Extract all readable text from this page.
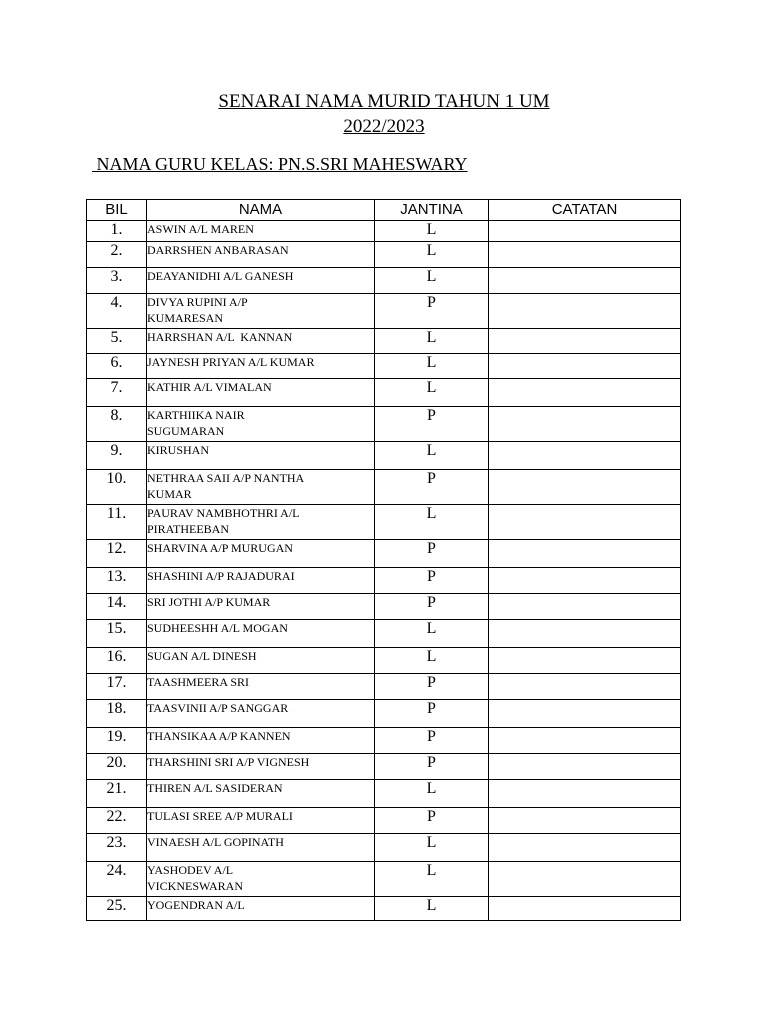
SENARAI NAMA MURID TAHUN 1 UM
2022/2023
NAMA GURU KELAS: PN.S.SRI MAHESWARY
BIL	NAMA	JANTINA	CATATAN
1.	ASWIN A/L MAREN	L	
2.	DARRSHEN ANBARASAN	L	
3.	DEAYANIDHI A/L GANESH	L	
4.	DIVYA RUPINI A/P
KUMARESAN	P	
5.	HARRSHAN A/L  KANNAN	L	
6.	JAYNESH PRIYAN A/L KUMAR	L	
7.	KATHIR A/L VIMALAN	L	
8.	KARTHIIKA NAIR
SUGUMARAN	P	
9.	KIRUSHAN	L	
10.	NETHRAA SAII A/P NANTHA
KUMAR	P	
11.	PAURAV NAMBHOTHRI A/L
PIRATHEEBAN	L	
12.	SHARVINA A/P MURUGAN	P	
13.	SHASHINI A/P RAJADURAI	P	
14.	SRI JOTHI A/P KUMAR	P	
15.	SUDHEESHH A/L MOGAN	L	
16.	SUGAN A/L DINESH	L	
17.	TAASHMEERA SRI	P	
18.	TAASVINII A/P SANGGAR	P	
19.	THANSIKAA A/P KANNEN	P	
20.	THARSHINI SRI A/P VIGNESH	P	
21.	THIREN A/L SASIDERAN	L	
22.	TULASI SREE A/P MURALI	P	
23.	VINAESH A/L GOPINATH	L	
24.	YASHODEV A/L
VICKNESWARAN	L	
25.	YOGENDRAN A/L	L	
